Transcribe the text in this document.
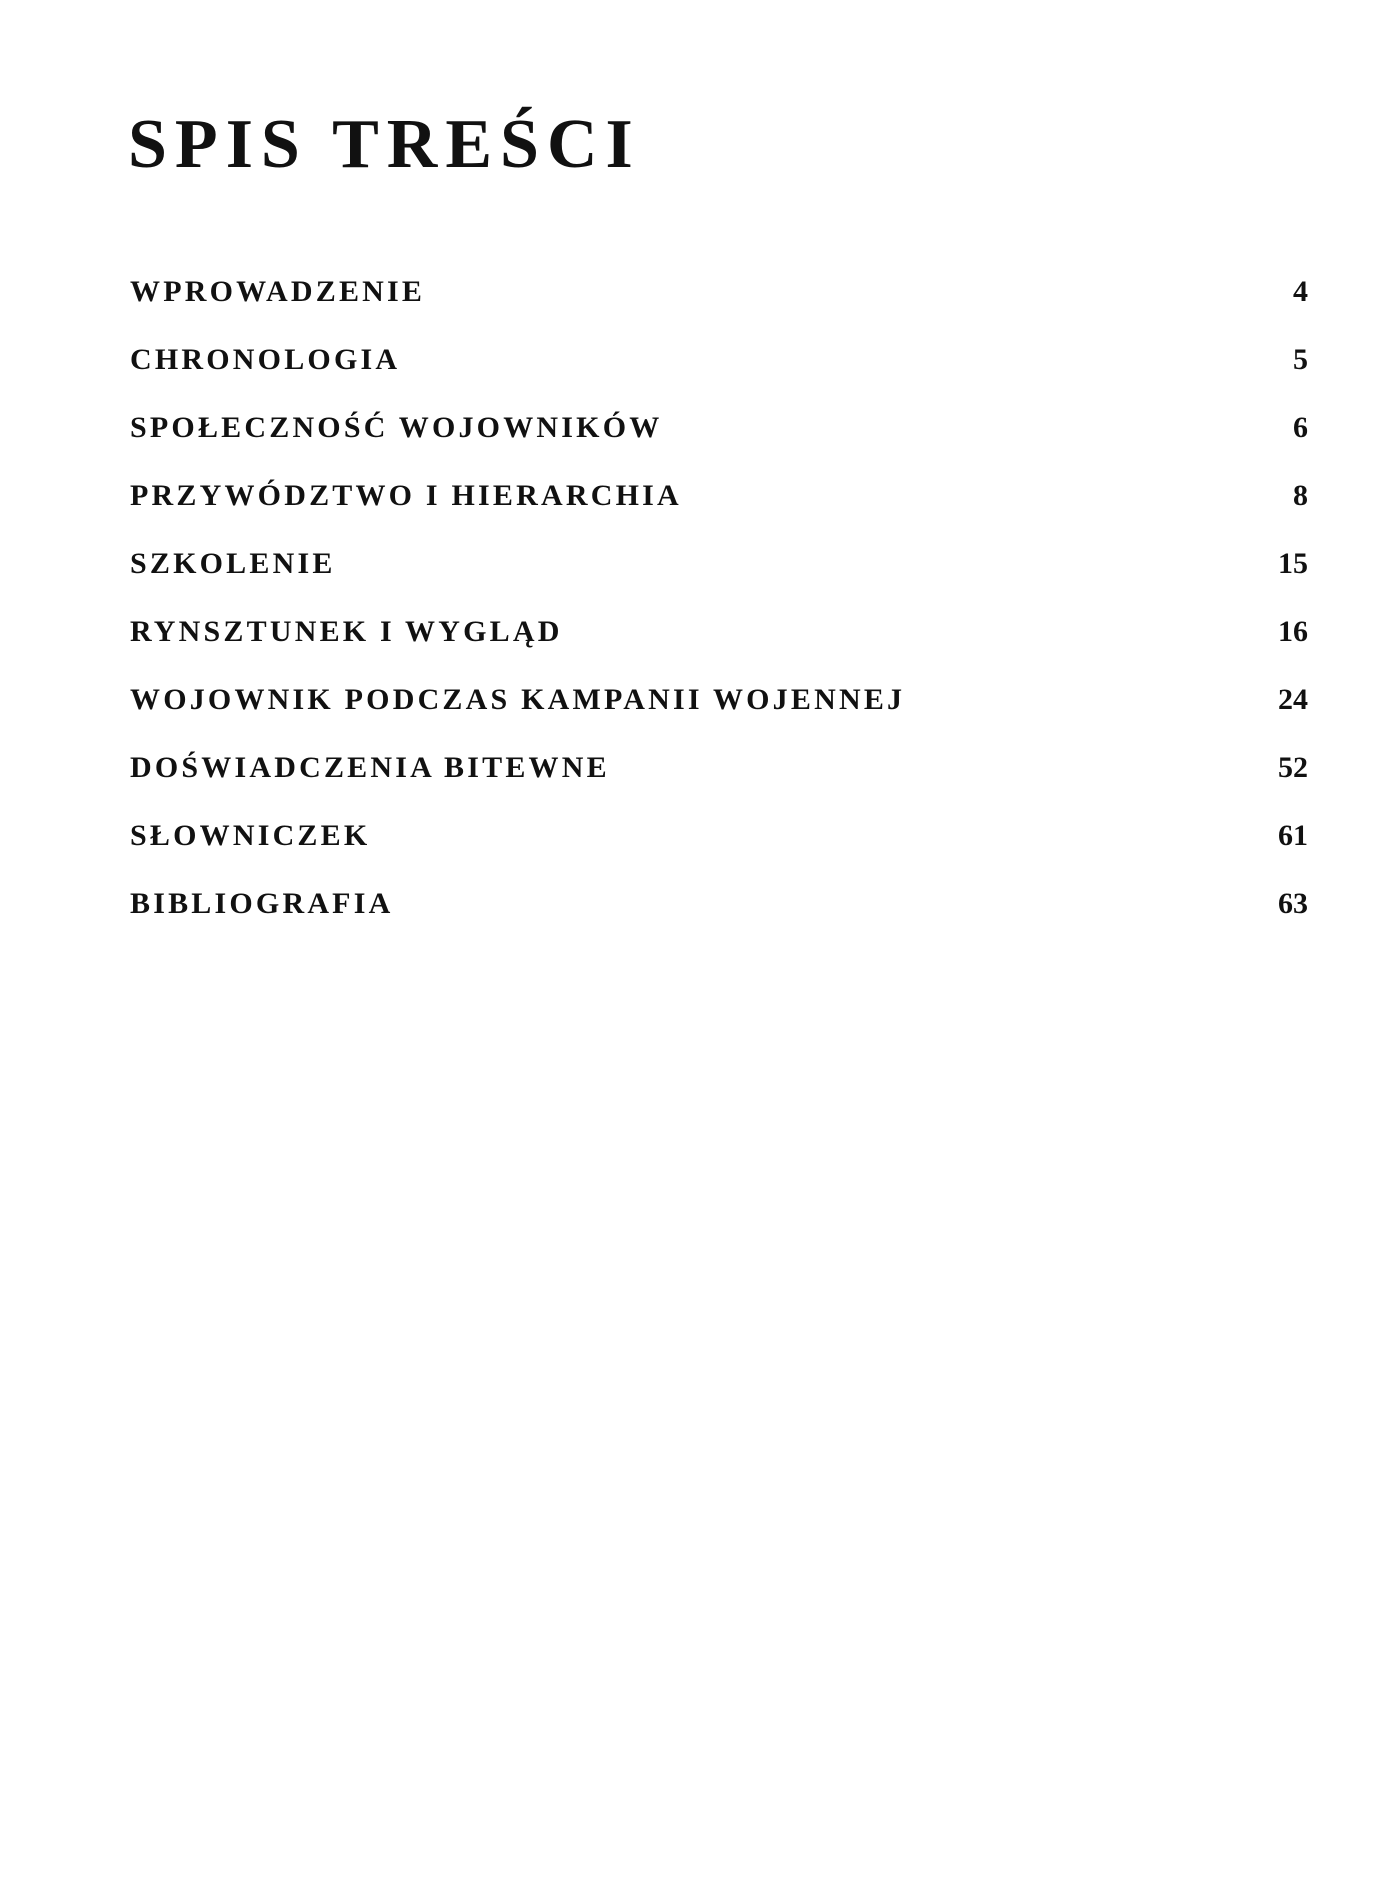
SPIS TREŚCI
WPROWADZENIE	4
CHRONOLOGIA	5
SPOŁECZNOŚĆ WOJOWNIKÓW	6
PRZYWÓDZTWO I HIERARCHIA	8
SZKOLENIE	15
RYNSZTUNEK I WYGLĄD	16
WOJOWNIK PODCZAS KAMPANII WOJENNEJ	24
DOŚWIADCZENIA BITEWNE	52
SŁOWNICZEK	61
BIBLIOGRAFIA	63
